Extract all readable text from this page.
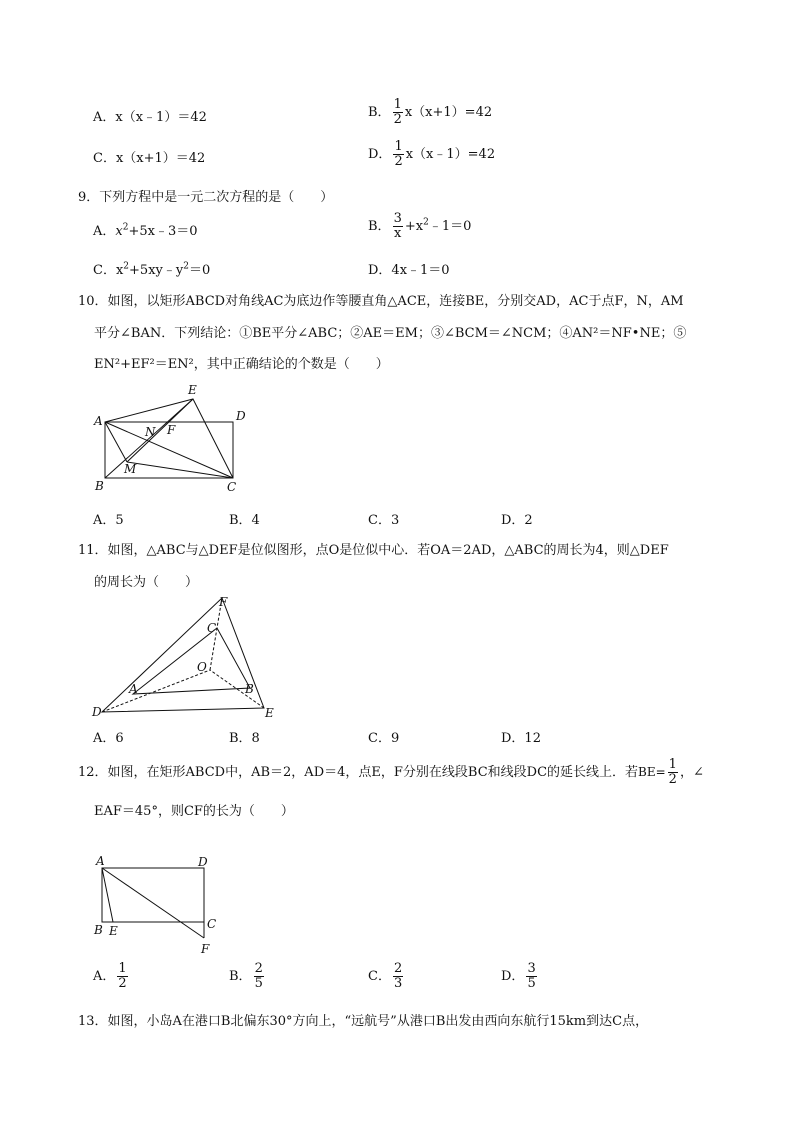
A．x（x﹣1）＝42	B． $\frac{1}{2} x(x+1)=42$
C．x（x+1）＝42	D． $\frac{1}{2}$ x（x﹣1）=42
9．下列方程中是一元二次方程的是（　　）
A．$x^2+5x﹣3=0$	B． $\frac{3}{x}$ $+x^2﹣1=0$
C．$x^2+5xy﹣y^2=0$	D．4x﹣1＝0
10．如图，以矩形ABCD对角线AC为底边作等腰直角△ACE，连接BE，分别交AD，AC于点F，N，AM
平分∠BAN．下列结论：①BE平分∠ABC；②AE＝EM；③∠BCM＝∠NCM；④AN²＝NF•NE；⑤
EN²+EF²＝EN²，其中正确结论的个数是（　　）
A
B	C
D
E
F
N
M
A．5	B．4	C．3	D．2
11．如图，△ABC与△DEF是位似图形，点O是位似中心．若OA＝2AD，△ABC的周长为4，则△DEF
的周长为（　　）
D	E
F
A	B
C
O
A．6	B．8	C．9	D．12
12．如图，在矩形ABCD中，AB＝2，AD＝4，点E，F分别在线段BC和线段DC的延长线上．若$BE= \frac{1}{2}$ ，∠
EAF＝45°，则CF的长为（　　）
A	D
B E	C
F
A． $\frac{1}{2}$	B． $\frac{2}{5}$	C． $\frac{2}{3}$	D． $\frac{3}{5}$
13．如图，小岛A在港口B北偏东30°方向上，“远航号”从港口B出发由西向东航行15km到达C点，
